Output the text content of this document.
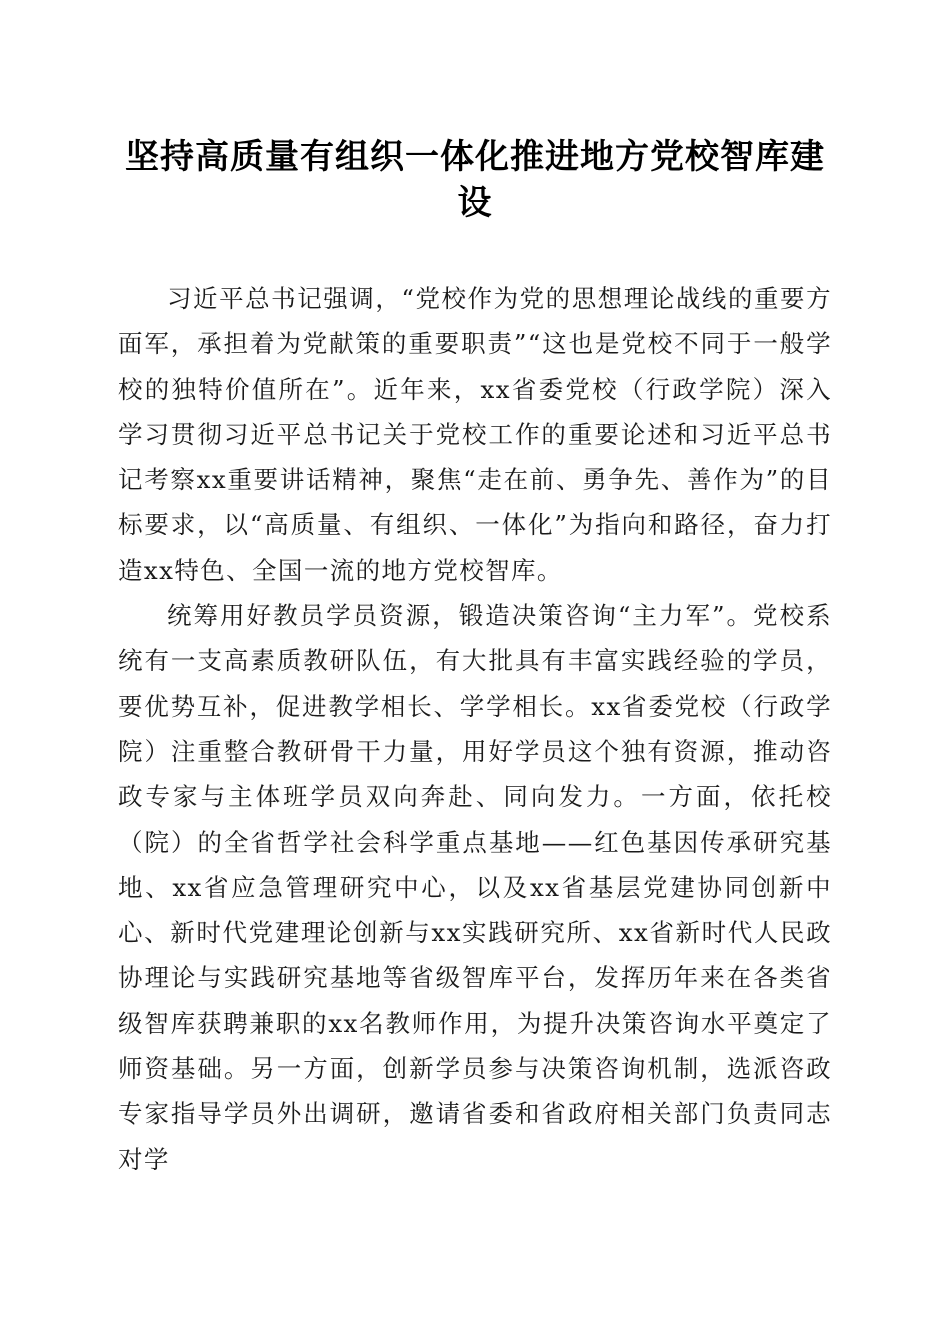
坚持高质量有组织一体化推进地方党校智库建设

习近平总书记强调，“党校作为党的思想理论战线的重要方面军，承担着为党献策的重要职责”“这也是党校不同于一般学校的独特价值所在”。近年来，xx省委党校（行政学院）深入学习贯彻习近平总书记关于党校工作的重要论述和习近平总书记考察xx重要讲话精神，聚焦“走在前、勇争先、善作为”的目标要求，以“高质量、有组织、一体化”为指向和路径，奋力打造xx特色、全国一流的地方党校智库。

统筹用好教员学员资源，锻造决策咨询“主力军”。党校系统有一支高素质教研队伍，有大批具有丰富实践经验的学员，要优势互补，促进教学相长、学学相长。xx省委党校（行政学院）注重整合教研骨干力量，用好学员这个独有资源，推动咨政专家与主体班学员双向奔赴、同向发力。一方面，依托校（院）的全省哲学社会科学重点基地——红色基因传承研究基地、xx省应急管理研究中心，以及xx省基层党建协同创新中心、新时代党建理论创新与xx实践研究所、xx省新时代人民政协理论与实践研究基地等省级智库平台，发挥历年来在各类省级智库获聘兼职的xx名教师作用，为提升决策咨询水平奠定了师资基础。另一方面，创新学员参与决策咨询机制，选派咨政专家指导学员外出调研，邀请省委和省政府相关部门负责同志对学
